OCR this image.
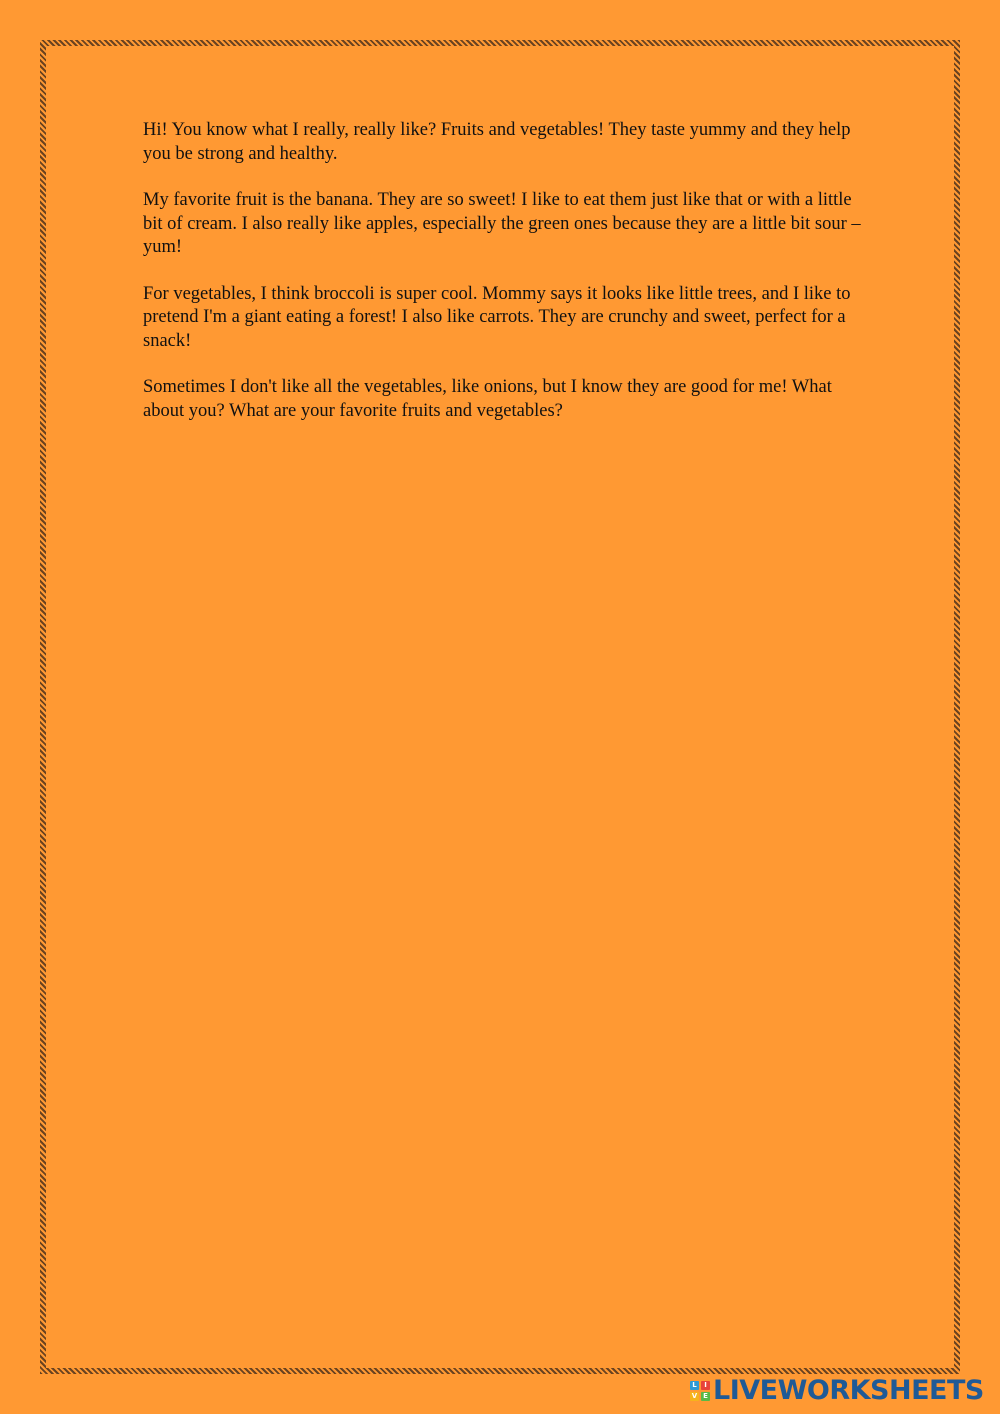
Hi! You know what I really, really like? Fruits and vegetables! They taste yummy and they help you be strong and healthy.

My favorite fruit is the banana. They are so sweet! I like to eat them just like that or with a little bit of cream. I also really like apples, especially the green ones because they are a little bit sour – yum!

For vegetables, I think broccoli is super cool. Mommy says it looks like little trees, and I like to pretend I'm a giant eating a forest! I also like carrots. They are crunchy and sweet, perfect for a snack!

Sometimes I don't like all the vegetables, like onions, but I know they are good for me! What about you? What are your favorite fruits and vegetables?

L	I
V E LIVEWORKSHEETS
